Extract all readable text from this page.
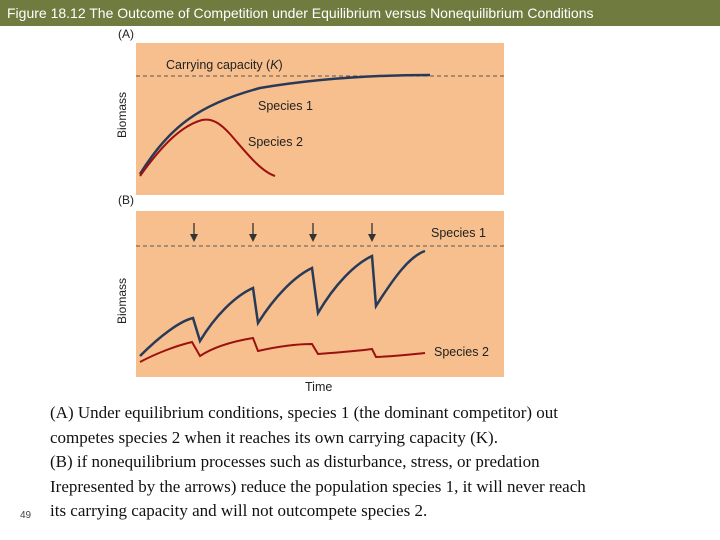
Figure 18.12 The Outcome of Competition under Equilibrium versus Nonequilibrium Conditions
(A)
Carrying capacity (K)
Species 1
Species 2
Biomass
(B)
Species 1
Species 2
Biomass
Time

(A) Under equilibrium conditions, species 1 (the dominant competitor) out

competes species 2 when it reaches its own carrying capacity (K).

(B) if nonequilibrium processes such as disturbance, stress, or predation

Irepresented by the arrows) reduce the population species 1, it will never reach

its carrying capacity and will not outcompete species 2.

49
